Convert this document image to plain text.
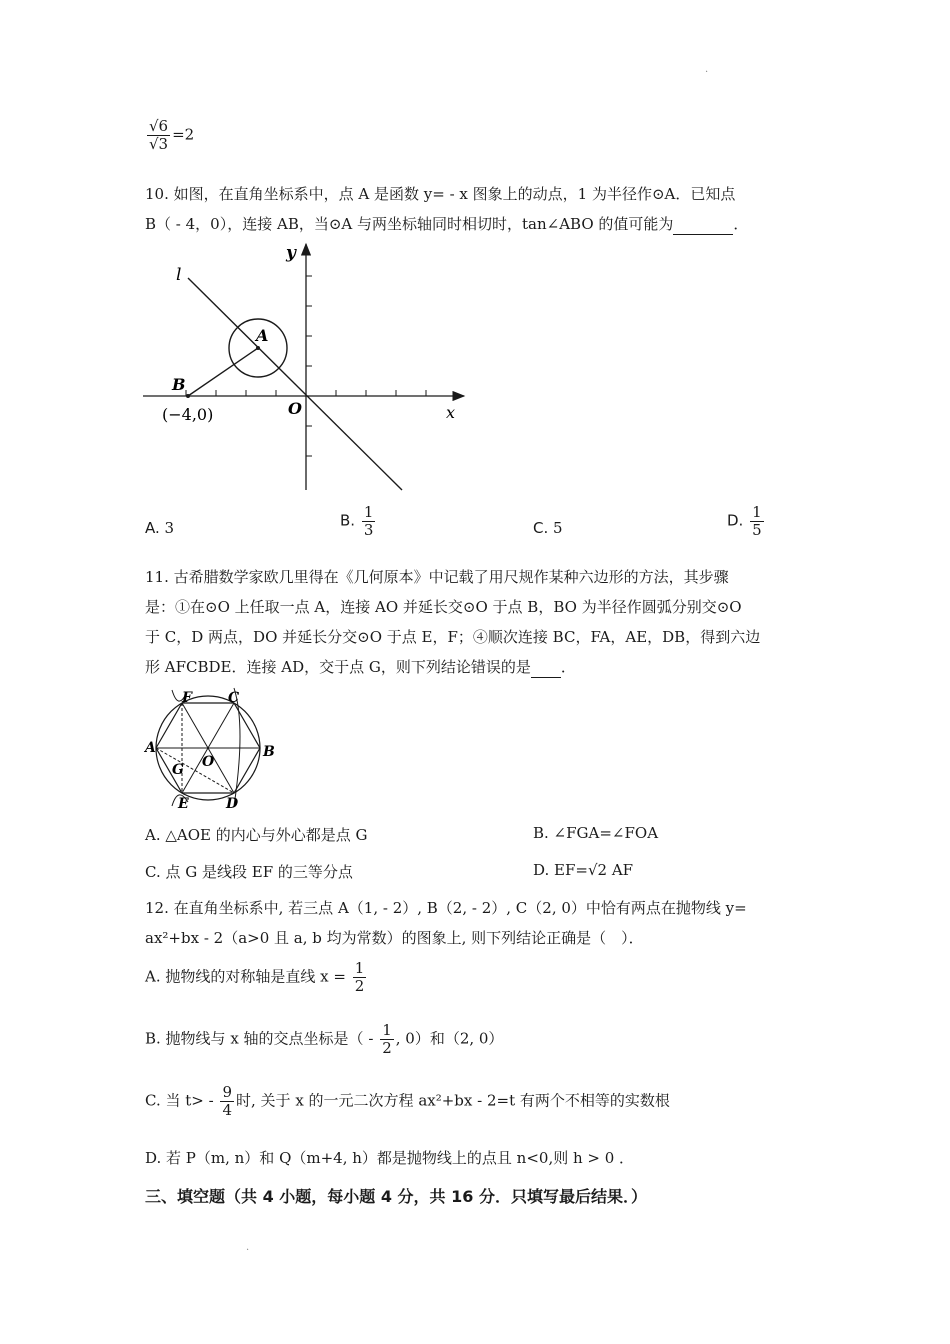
.
.
$\frac{√6}{√3} =2$
10. 如图，在直角坐标系中，点 A 是函数 y= - x 图象上的动点，1 为半径作⊙A．已知点
B（ - 4，0），连接 AB，当⊙A 与两坐标轴同时相切时，tan∠ABO 的值可能为	．
l
y
A
B
O	x
(−4,0)
A. 3	B. $\frac{1}{3}$	C. 5	D. $\frac{1}{5}$
11. 古希腊数学家欧几里得在《几何原本》中记载了用尺规作某种六边形的方法，其步骤
是：①在⊙O 上任取一点 A，连接 AO 并延长交⊙O 于点 B，BO 为半径作圆弧分别交⊙O
于 C，D 两点，DO 并延长分交⊙O 于点 E，F；④顺次连接 BC，FA，AE，DB，得到六边
形 AFCBDE．连接 AD，交于点 G，则下列结论错误的是 ．
F	C
A	B
G O
E	D
A. △AOE 的内心与外心都是点 G	B. ∠FGA=∠FOA
C. 点 G 是线段 EF 的三等分点	D. EF=√2 AF
12. 在直角坐标系中, 若三点 A（1, - 2）, B（2, - 2）, C（2, 0）中恰有两点在抛物线 y=
ax²+bx - 2（a>0 且 a, b 均为常数）的图象上, 则下列结论正确是（　）．
A. 抛物线的对称轴是直线 $x = \frac{1}{2}$
B. 抛物线与 x 轴的交点坐标是（ - $\frac{1}{2}$ , 0）和（2, 0）
C. 当 $t> - \frac{9}{4}$ 时, 关于 x 的一元二次方程 ax²+bx - 2=t 有两个不相等的实数根
D. 若 P（m, n）和 Q（m+4, h）都是抛物线上的点且 n<0,则 h > 0 ．
三、填空题（共 4 小题，每小题 4 分，共 16 分．只填写最后结果．）
